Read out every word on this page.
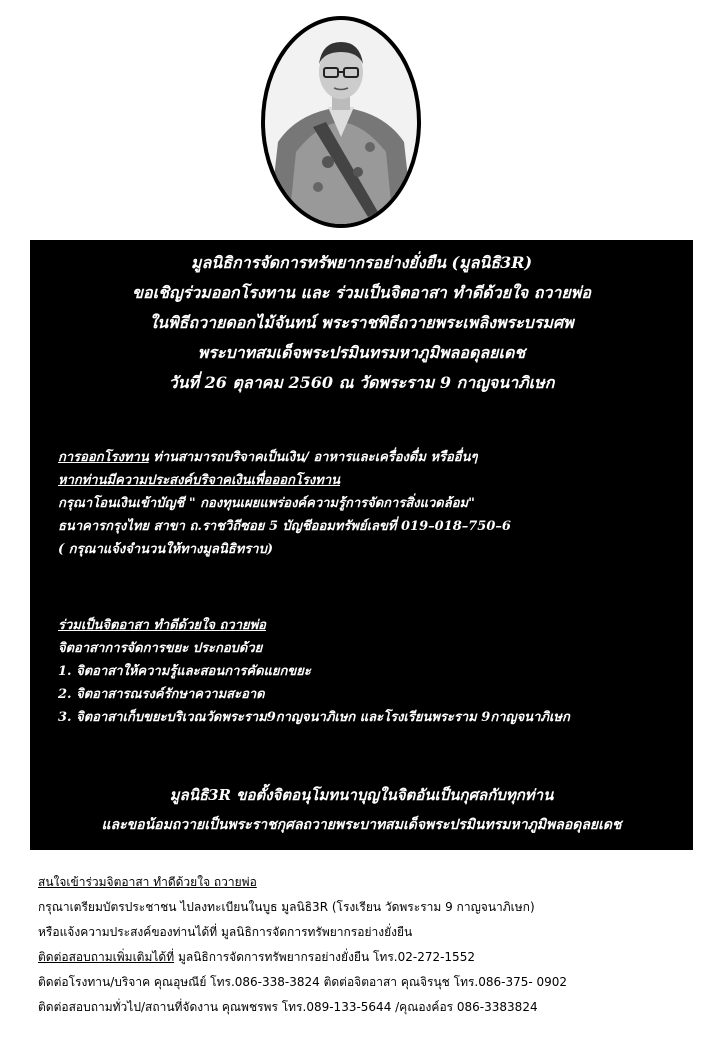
มูลนิธิการจัดการทรัพยากรอย่างยั่งยืน (มูลนิธิ3R)
ขอเชิญร่วมออกโรงทาน และ ร่วมเป็นจิตอาสา ทำดีด้วยใจ ถวายพ่อ
ในพิธีถวายดอกไม้จันทน์ พระราชพิธีถวายพระเพลิงพระบรมศพ
พระบาทสมเด็จพระปรมินทรมหาภูมิพลอดุลยเดช
วันที่ 26 ตุลาคม 2560 ณ วัดพระราม 9 กาญจนาภิเษก
การออกโรงทาน ท่านสามารถบริจาคเป็นเงิน/ อาหารและเครื่องดื่ม หรืออื่นๆ
หากท่านมีความประสงค์บริจาคเงินเพื่อออกโรงทาน
กรุณาโอนเงินเข้าบัญชี " กองทุนเผยแพร่องค์ความรู้การจัดการสิ่งแวดล้อม"
ธนาคารกรุงไทย สาขา ถ.ราชวิถีซอย 5 บัญชีออมทรัพย์เลขที่ 019–018–750–6
( กรุณาแจ้งจำนวนให้ทางมูลนิธิทราบ)
ร่วมเป็นจิตอาสา ทำดีด้วยใจ ถวายพ่อ
จิตอาสาการจัดการขยะ ประกอบด้วย
1. จิตอาสาให้ความรู้และสอนการคัดแยกขยะ
2. จิตอาสารณรงค์รักษาความสะอาด
3. จิตอาสาเก็บขยะบริเวณวัดพระราม9กาญจนาภิเษก และโรงเรียนพระราม 9กาญจนาภิเษก
มูลนิธิ3R ขอตั้งจิตอนุโมทนาบุญในจิตอันเป็นกุศลกับทุกท่าน
และขอน้อมถวายเป็นพระราชกุศลถวายพระบาทสมเด็จพระปรมินทรมหาภูมิพลอดุลยเดช
สนใจเข้าร่วมจิตอาสา ทำดีด้วยใจ ถวายพ่อ
กรุณาเตรียมบัตรประชาชน ไปลงทะเบียนในบูธ มูลนิธิ3R (โรงเรียน วัดพระราม 9 กาญจนาภิเษก)
หรือแจ้งความประสงค์ของท่านได้ที่ มูลนิธิการจัดการทรัพยากรอย่างยั่งยืน
ติดต่อสอบถามเพิ่มเติมได้ที่ มูลนิธิการจัดการทรัพยากรอย่างยั่งยืน โทร.02-272-1552
ติดต่อโรงทาน/บริจาค คุณอุษณีย์ โทร.086-338-3824 ติดต่อจิตอาสา คุณจิรนุช โทร.086-375- 0902
ติดต่อสอบถามทั่วไป/สถานที่จัดงาน คุณพชรพร โทร.089-133-5644 /คุณองค์อร 086-3383824
